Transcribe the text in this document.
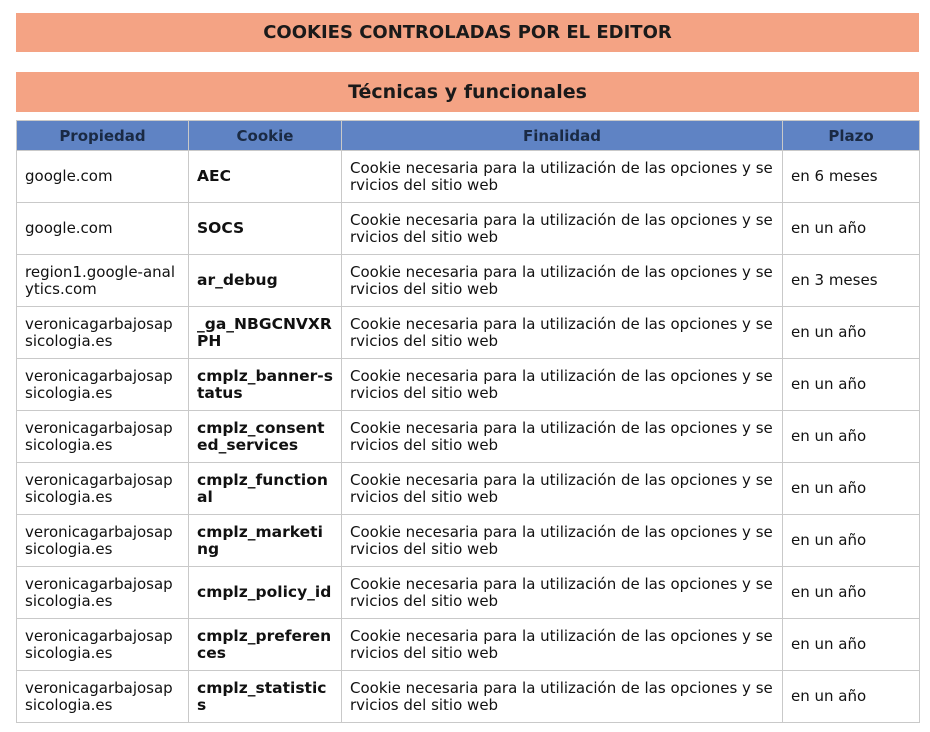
COOKIES CONTROLADAS POR EL EDITOR
Técnicas y funcionales
Propiedad	Cookie	Finalidad	Plazo
google.com	AEC	Cookie necesaria para la utilización de las opciones y servicios del sitio web	en 6 meses
google.com	SOCS	Cookie necesaria para la utilización de las opciones y servicios del sitio web	en un año
region1.google-analytics.com	ar_debug	Cookie necesaria para la utilización de las opciones y servicios del sitio web	en 3 meses
veronicagarbajosapsicologia.es	_ga_NBGCNVXRPH	Cookie necesaria para la utilización de las opciones y servicios del sitio web	en un año
veronicagarbajosapsicologia.es	cmplz_banner-status	Cookie necesaria para la utilización de las opciones y servicios del sitio web	en un año
veronicagarbajosapsicologia.es	cmplz_consented_services	Cookie necesaria para la utilización de las opciones y servicios del sitio web	en un año
veronicagarbajosapsicologia.es	cmplz_functional	Cookie necesaria para la utilización de las opciones y servicios del sitio web	en un año
veronicagarbajosapsicologia.es	cmplz_marketing	Cookie necesaria para la utilización de las opciones y servicios del sitio web	en un año
veronicagarbajosapsicologia.es	cmplz_policy_id	Cookie necesaria para la utilización de las opciones y servicios del sitio web	en un año
veronicagarbajosapsicologia.es	cmplz_preferences	Cookie necesaria para la utilización de las opciones y servicios del sitio web	en un año
veronicagarbajosapsicologia.es	cmplz_statistics	Cookie necesaria para la utilización de las opciones y servicios del sitio web	en un año
